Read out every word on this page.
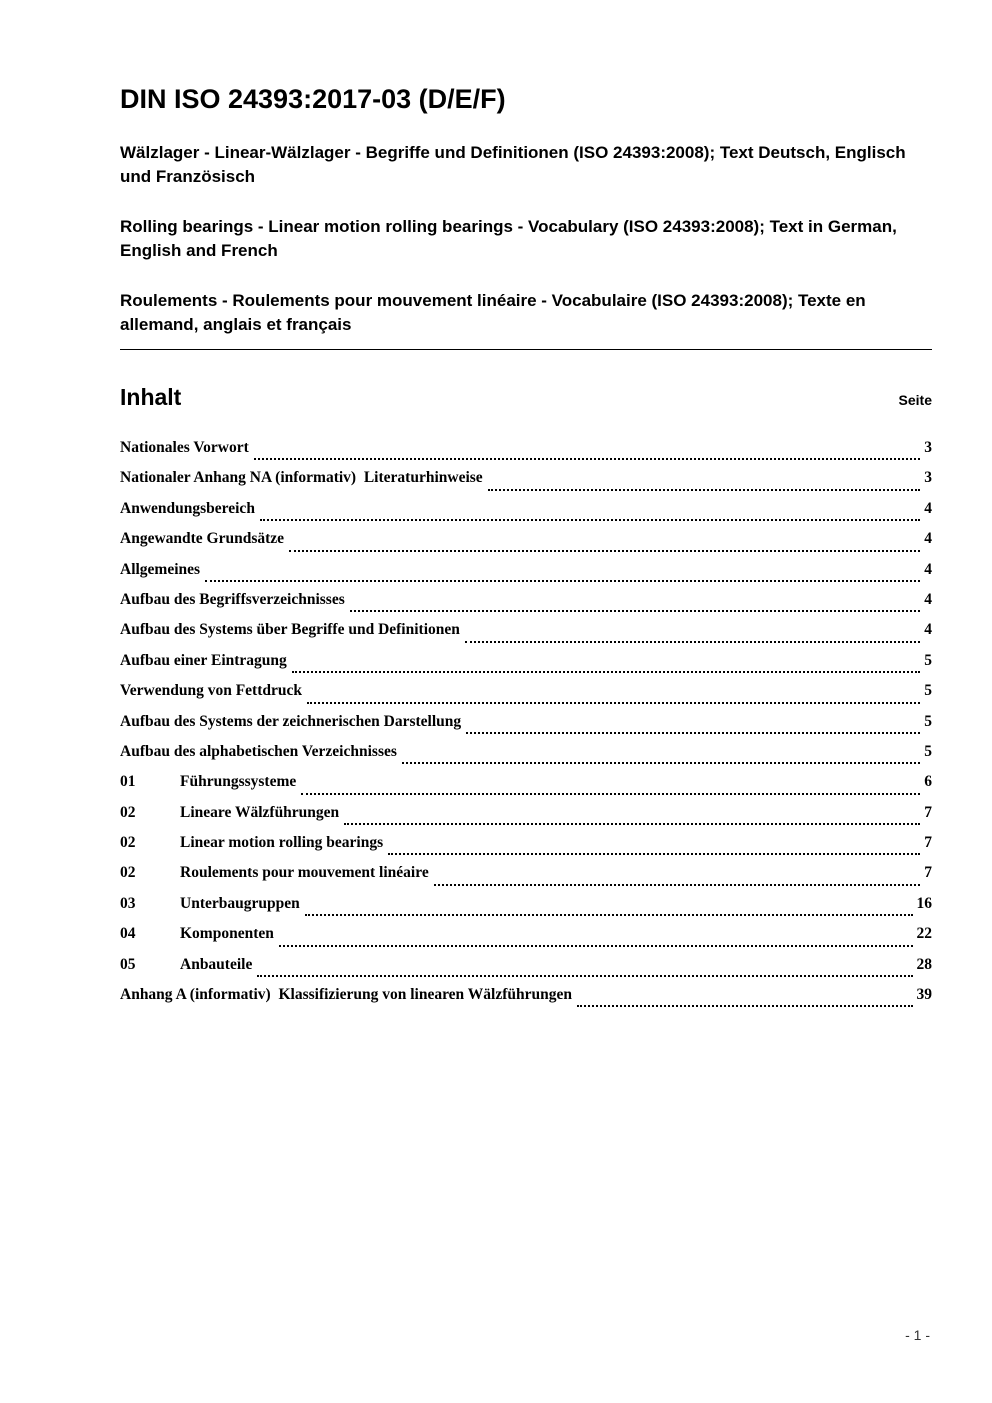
DIN ISO 24393:2017-03 (D/E/F)

Wälzlager - Linear-Wälzlager - Begriffe und Definitionen (ISO 24393:2008); Text Deutsch, Englisch und Französisch

Rolling bearings - Linear motion rolling bearings - Vocabulary (ISO 24393:2008); Text in German, English and French

Roulements - Roulements pour mouvement linéaire - Vocabulaire (ISO 24393:2008); Texte en allemand, anglais et français

Inhalt	Seite
Nationales Vorwort	3
Nationaler Anhang NA (informativ)  Literaturhinweise	3
Anwendungsbereich	4
Angewandte Grundsätze	4
Allgemeines	4
Aufbau des Begriffsverzeichnisses	4
Aufbau des Systems über Begriffe und Definitionen	4
Aufbau einer Eintragung	5
Verwendung von Fettdruck	5
Aufbau des Systems der zeichnerischen Darstellung	5
Aufbau des alphabetischen Verzeichnisses	5
01	Führungssysteme	6
02	Lineare Wälzführungen	7
02	Linear motion rolling bearings	7
02	Roulements pour mouvement linéaire	7
03	Unterbaugruppen	16
04	Komponenten	22
05	Anbauteile	28
Anhang A (informativ)  Klassifizierung von linearen Wälzführungen	39
- 1 -
